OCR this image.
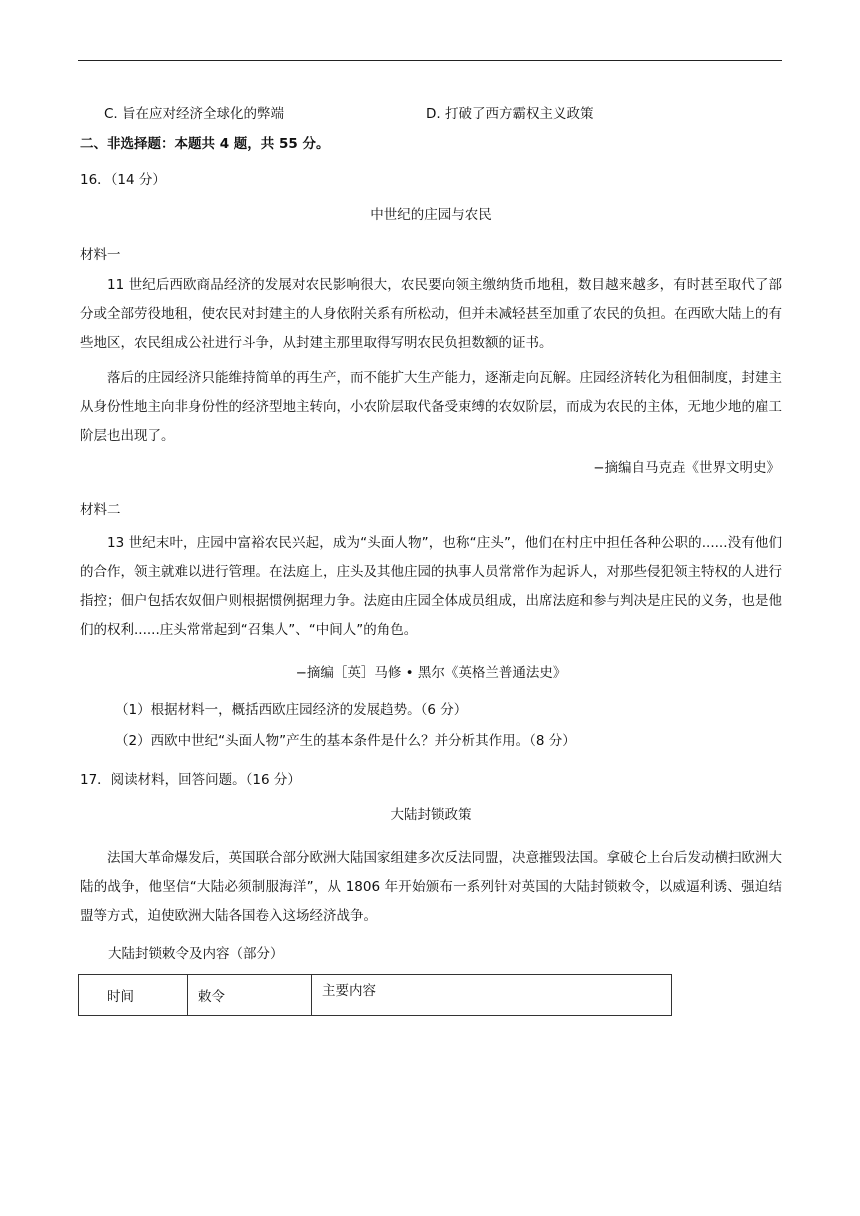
C. 旨在应对经济全球化的弊端	D. 打破了西方霸权主义政策
二、非选择题：本题共 4 题，共 55 分。
16．（14 分）
中世纪的庄园与农民
材料一
11 世纪后西欧商品经济的发展对农民影响很大，农民要向领主缴纳货币地租，数目越来越多，有时甚至取代了部分或全部劳役地租，使农民对封建主的人身依附关系有所松动，但并未减轻甚至加重了农民的负担。在西欧大陆上的有些地区，农民组成公社进行斗争，从封建主那里取得写明农民负担数额的证书。
落后的庄园经济只能维持简单的再生产，而不能扩大生产能力，逐渐走向瓦解。庄园经济转化为租佃制度，封建主从身份性地主向非身份性的经济型地主转向，小农阶层取代备受束缚的农奴阶层，而成为农民的主体，无地少地的雇工阶层也出现了。
−摘编自马克垚《世界文明史》
材料二
13 世纪末叶，庄园中富裕农民兴起，成为“头面人物”，也称“庄头”，他们在村庄中担任各种公职的......没有他们的合作，领主就难以进行管理。在法庭上，庄头及其他庄园的执事人员常常作为起诉人，对那些侵犯领主特权的人进行指控；佃户包括农奴佃户则根据惯例据理力争。法庭由庄园全体成员组成，出席法庭和参与判决是庄民的义务，也是他们的权利......庄头常常起到“召集人”、“中间人”的角色。
−摘编［英］马修 • 黑尔《英格兰普通法史》
（1）根据材料一，概括西欧庄园经济的发展趋势。（6 分）
（2）西欧中世纪“头面人物”产生的基本条件是什么？并分析其作用。（8 分）
17．阅读材料，回答问题。（16 分）
大陆封锁政策
法国大革命爆发后，英国联合部分欧洲大陆国家组建多次反法同盟，决意摧毁法国。拿破仑上台后发动横扫欧洲大陆的战争，他坚信“大陆必须制服海洋”，从 1806 年开始颁布一系列针对英国的大陆封锁敕令，以威逼利诱、强迫结盟等方式，迫使欧洲大陆各国卷入这场经济战争。
大陆封锁敕令及内容（部分）
时间	敕令	主要内容
